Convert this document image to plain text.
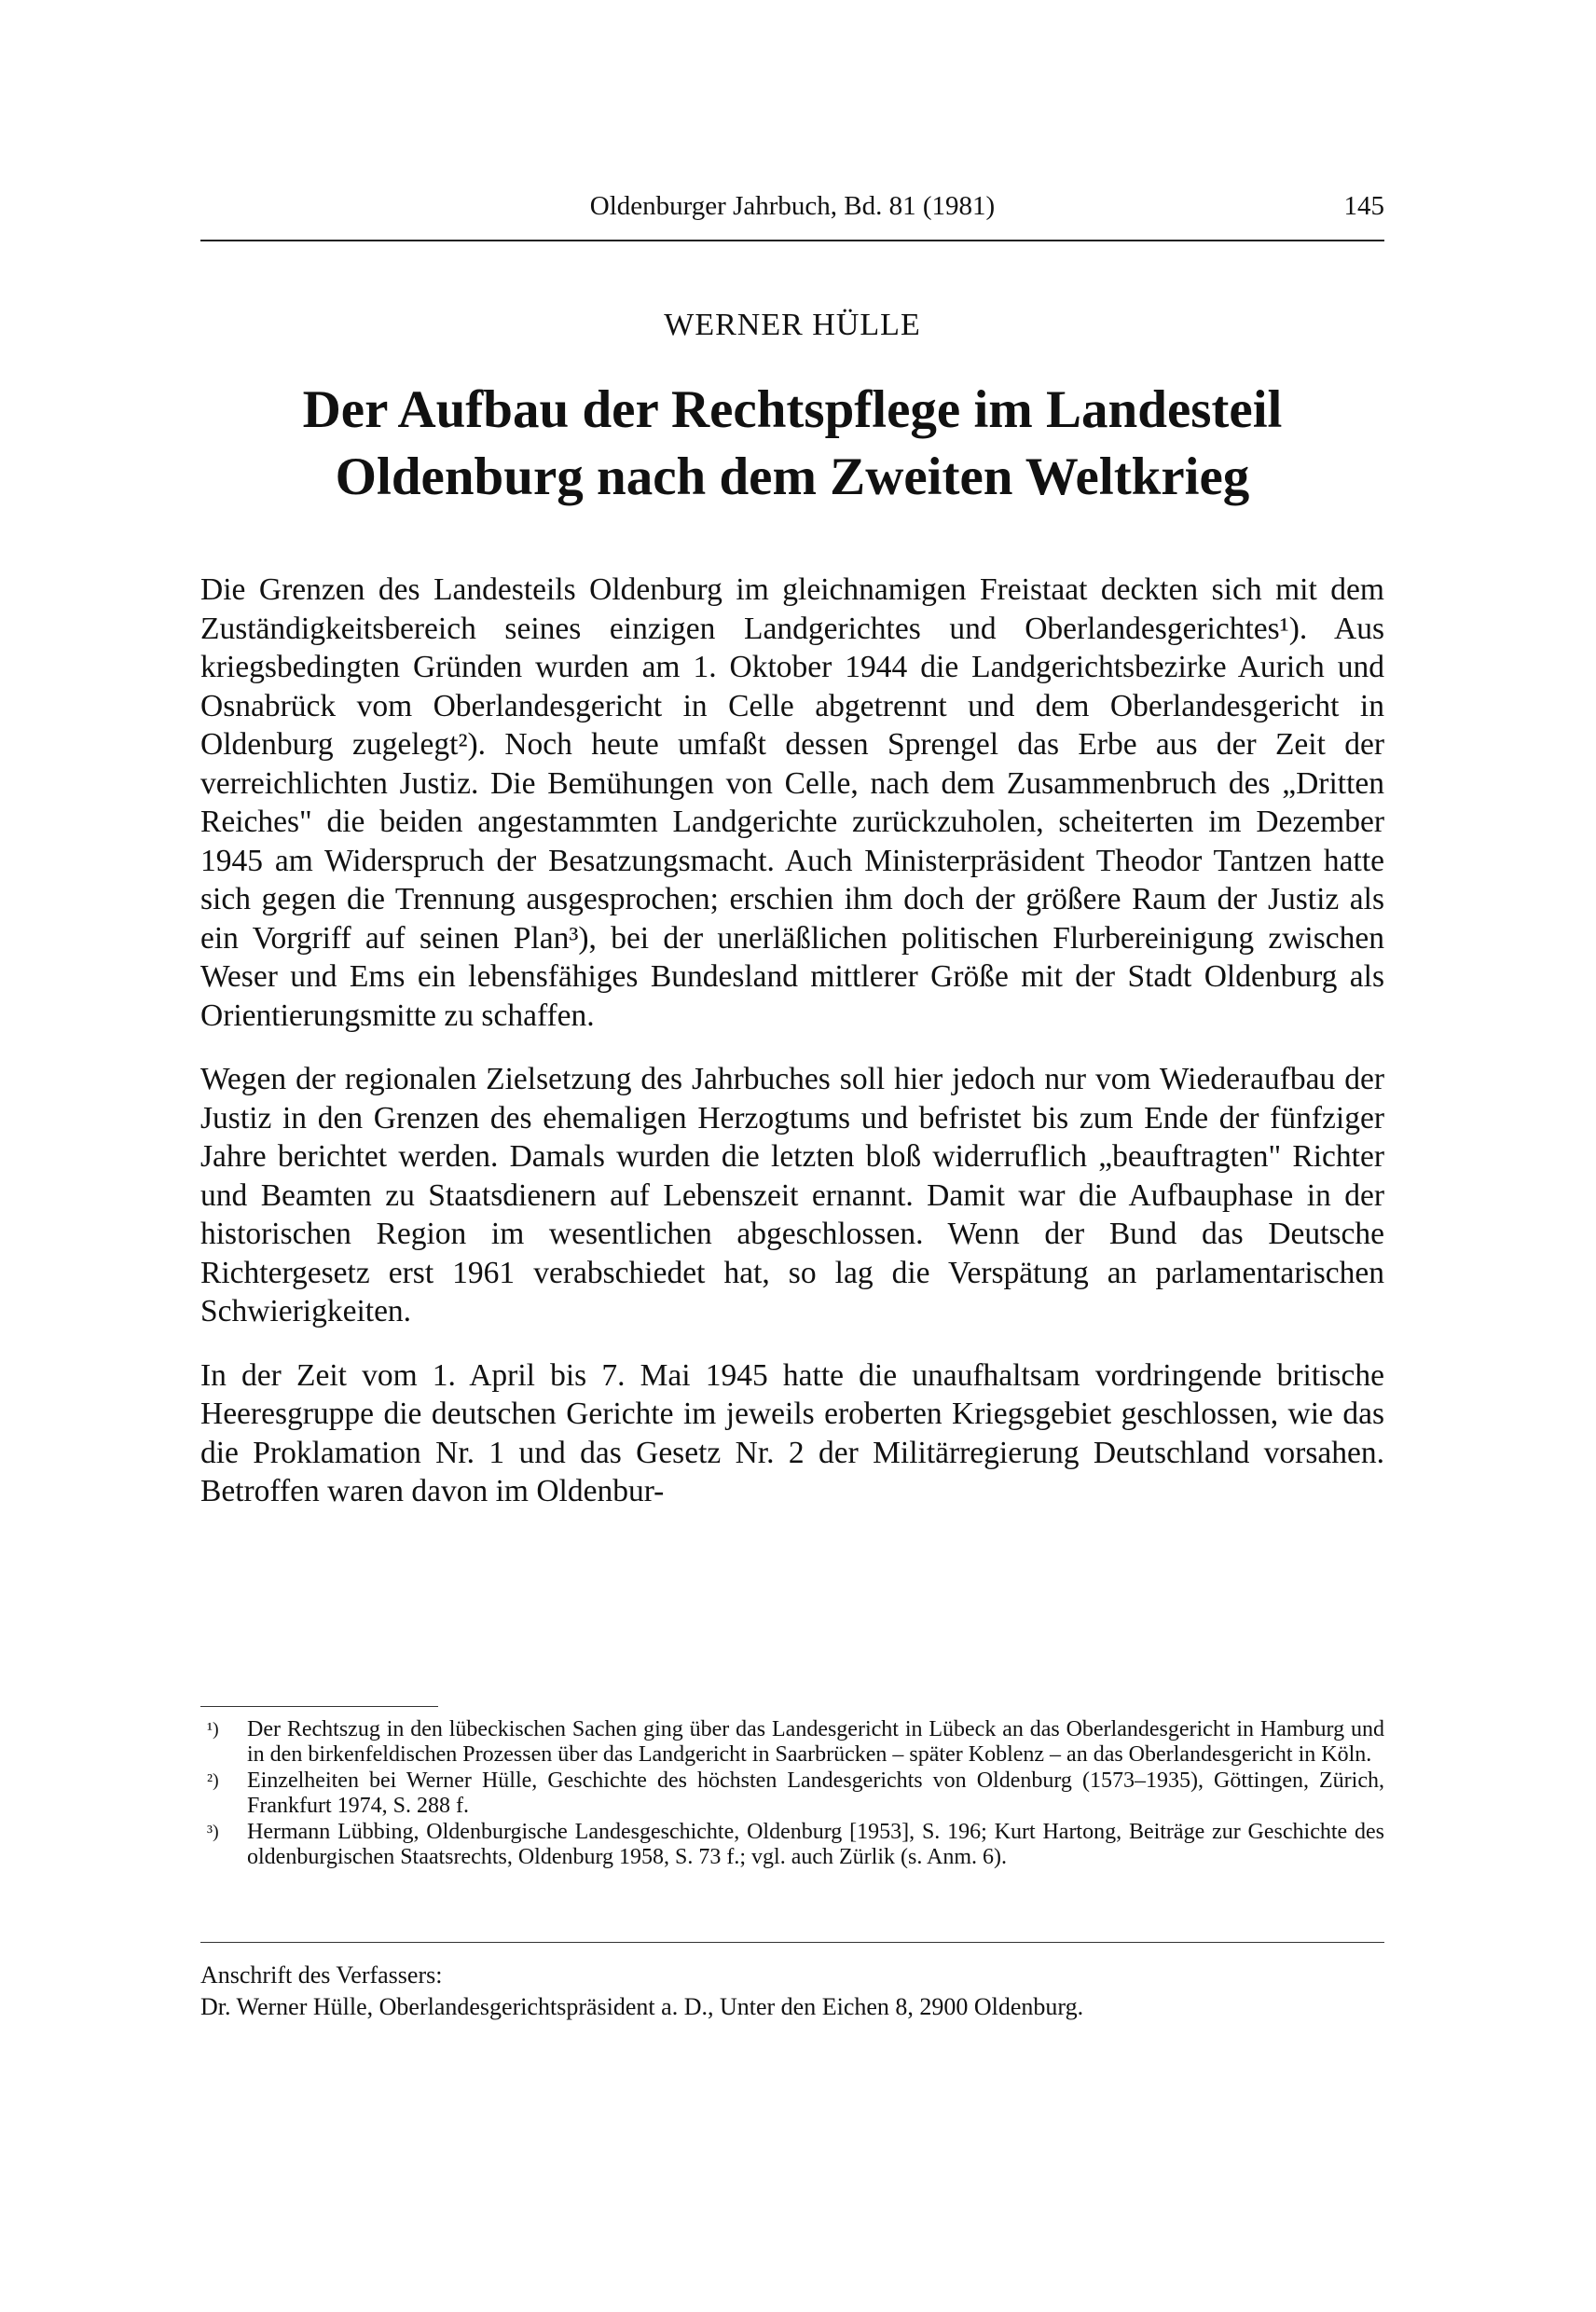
Oldenburger Jahrbuch, Bd. 81 (1981)	145
WERNER HÜLLE
Der Aufbau der Rechtspflege im Landesteil
Oldenburg nach dem Zweiten Weltkrieg

Die Grenzen des Landesteils Oldenburg im gleichnamigen Freistaat deckten sich mit dem Zuständigkeitsbereich seines einzigen Landgerichtes und Oberlandesgerichtes¹). Aus kriegsbedingten Gründen wurden am 1. Oktober 1944 die Landgerichtsbezirke Aurich und Osnabrück vom Oberlandesgericht in Celle abgetrennt und dem Oberlandesgericht in Oldenburg zugelegt²). Noch heute umfaßt dessen Sprengel das Erbe aus der Zeit der verreichlichten Justiz. Die Bemühungen von Celle, nach dem Zusammenbruch des „Dritten Reiches" die beiden angestammten Landgerichte zurückzuholen, scheiterten im Dezember 1945 am Widerspruch der Besatzungsmacht. Auch Ministerpräsident Theodor Tantzen hatte sich gegen die Trennung ausgesprochen; erschien ihm doch der größere Raum der Justiz als ein Vorgriff auf seinen Plan³), bei der unerläßlichen politischen Flurbereinigung zwischen Weser und Ems ein lebensfähiges Bundesland mittlerer Größe mit der Stadt Oldenburg als Orientierungsmitte zu schaffen.

Wegen der regionalen Zielsetzung des Jahrbuches soll hier jedoch nur vom Wiederaufbau der Justiz in den Grenzen des ehemaligen Herzogtums und befristet bis zum Ende der fünfziger Jahre berichtet werden. Damals wurden die letzten bloß widerruflich „beauftragten" Richter und Beamten zu Staatsdienern auf Lebenszeit ernannt. Damit war die Aufbauphase in der historischen Region im wesentlichen abgeschlossen. Wenn der Bund das Deutsche Richtergesetz erst 1961 verabschiedet hat, so lag die Verspätung an parlamentarischen Schwierigkeiten.

In der Zeit vom 1. April bis 7. Mai 1945 hatte die unaufhaltsam vordringende britische Heeresgruppe die deutschen Gerichte im jeweils eroberten Kriegsgebiet geschlossen, wie das die Proklamation Nr. 1 und das Gesetz Nr. 2 der Militärregierung Deutschland vorsahen. Betroffen waren davon im Oldenbur-

¹) Der Rechtszug in den lübeckischen Sachen ging über das Landesgericht in Lübeck an das Oberlandesgericht in Hamburg und in den birkenfeldischen Prozessen über das Landgericht in Saarbrücken – später Koblenz – an das Oberlandesgericht in Köln.
²) Einzelheiten bei Werner Hülle, Geschichte des höchsten Landesgerichts von Oldenburg (1573–1935), Göttingen, Zürich, Frankfurt 1974, S. 288 f.
³) Hermann Lübbing, Oldenburgische Landesgeschichte, Oldenburg [1953], S. 196; Kurt Hartong, Beiträge zur Geschichte des oldenburgischen Staatsrechts, Oldenburg 1958, S. 73 f.; vgl. auch Zürlik (s. Anm. 6).
Anschrift des Verfassers:
Dr. Werner Hülle, Oberlandesgerichtspräsident a. D., Unter den Eichen 8, 2900 Oldenburg.
